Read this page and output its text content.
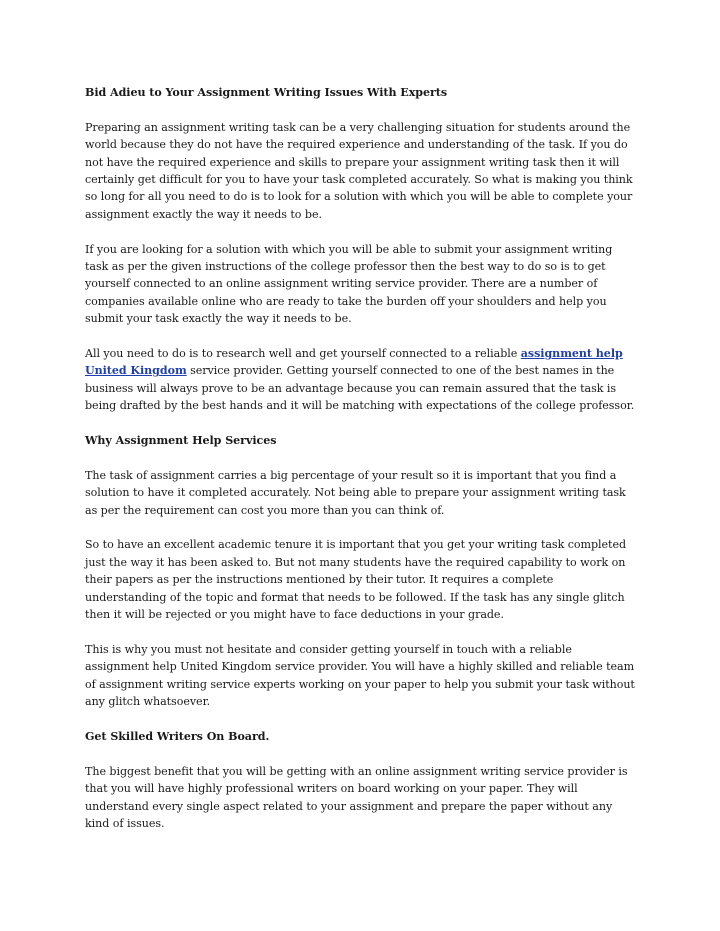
Bid Adieu to Your Assignment Writing Issues With Experts
Preparing an assignment writing task can be a very challenging situation for students around the world because they do not have the required experience and understanding of the task. If you do not have the required experience and skills to prepare your assignment writing task then it will certainly get difficult for you to have your task completed accurately. So what is making you think so long for all you need to do is to look for a solution with which you will be able to complete your assignment exactly the way it needs to be.
If you are looking for a solution with which you will be able to submit your assignment writing task as per the given instructions of the college professor then the best way to do so is to get yourself connected to an online assignment writing service provider. There are a number of companies available online who are ready to take the burden off your shoulders and help you submit your task exactly the way it needs to be.
All you need to do is to research well and get yourself connected to a reliable assignment help United Kingdom service provider. Getting yourself connected to one of the best names in the business will always prove to be an advantage because you can remain assured that the task is being drafted by the best hands and it will be matching with expectations of the college professor.
Why Assignment Help Services
The task of assignment carries a big percentage of your result so it is important that you find a solution to have it completed accurately. Not being able to prepare your assignment writing task as per the requirement can cost you more than you can think of.
So to have an excellent academic tenure it is important that you get your writing task completed just the way it has been asked to. But not many students have the required capability to work on their papers as per the instructions mentioned by their tutor. It requires a complete understanding of the topic and format that needs to be followed. If the task has any single glitch then it will be rejected or you might have to face deductions in your grade.
This is why you must not hesitate and consider getting yourself in touch with a reliable assignment help United Kingdom service provider. You will have a highly skilled and reliable team of assignment writing service experts working on your paper to help you submit your task without any glitch whatsoever.
Get Skilled Writers On Board.
The biggest benefit that you will be getting with an online assignment writing service provider is that you will have highly professional writers on board working on your paper. They will understand every single aspect related to your assignment and prepare the paper without any kind of issues.
